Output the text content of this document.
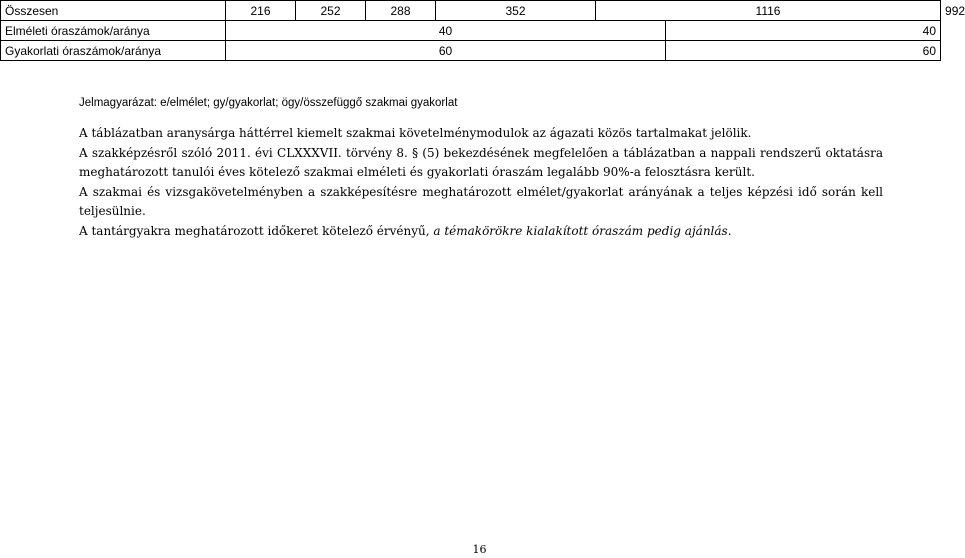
Összesen	216	252	288	352	1116		992
Elméleti óraszámok/aránya	40					40	
Gyakorlati óraszámok/aránya	60					60	
Jelmagyarázat: e/elmélet; gy/gyakorlat; ögy/összefüggő szakmai gyakorlat

A táblázatban aranysárga háttérrel kiemelt szakmai követelménymodulok az ágazati közös tartalmakat jelölik.

A szakképzésről szóló 2011. évi CLXXXVII. törvény 8. § (5) bekezdésének megfelelően a táblázatban a nappali rendszerű oktatásra meghatározott tanulói éves kötelező szakmai elméleti és gyakorlati óraszám legalább 90%-a felosztásra került.

A szakmai és vizsgakövetelményben a szakképesítésre meghatározott elmélet/gyakorlat arányának a teljes képzési idő során kell teljesülnie.

A tantárgyakra meghatározott időkeret kötelező érvényű, a témakörökre kialakított óraszám pedig ajánlás.

16
